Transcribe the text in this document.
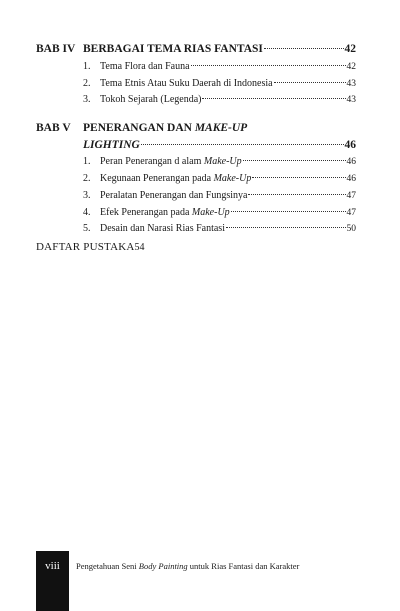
BAB IV BERBAGAI TEMA RIAS FANTASI	42
1. Tema Flora dan Fauna	42
2. Tema Etnis Atau Suku Daerah di Indonesia	43
3. Tokoh Sejarah (Legenda)	43
BAB V	PENERANGAN DAN MAKE-UP
LIGHTING	46
1. Peran Penerangan d alam Make-Up	46
2. Kegunaan Penerangan pada Make-Up	46
3. Peralatan Penerangan dan Fungsinya	47
4. Efek Penerangan pada Make-Up	47
5. Desain dan Narasi Rias Fantasi	50
DAFTAR PUSTAKA 54
viii	Pengetahuan Seni Body Painting untuk Rias Fantasi dan Karakter
